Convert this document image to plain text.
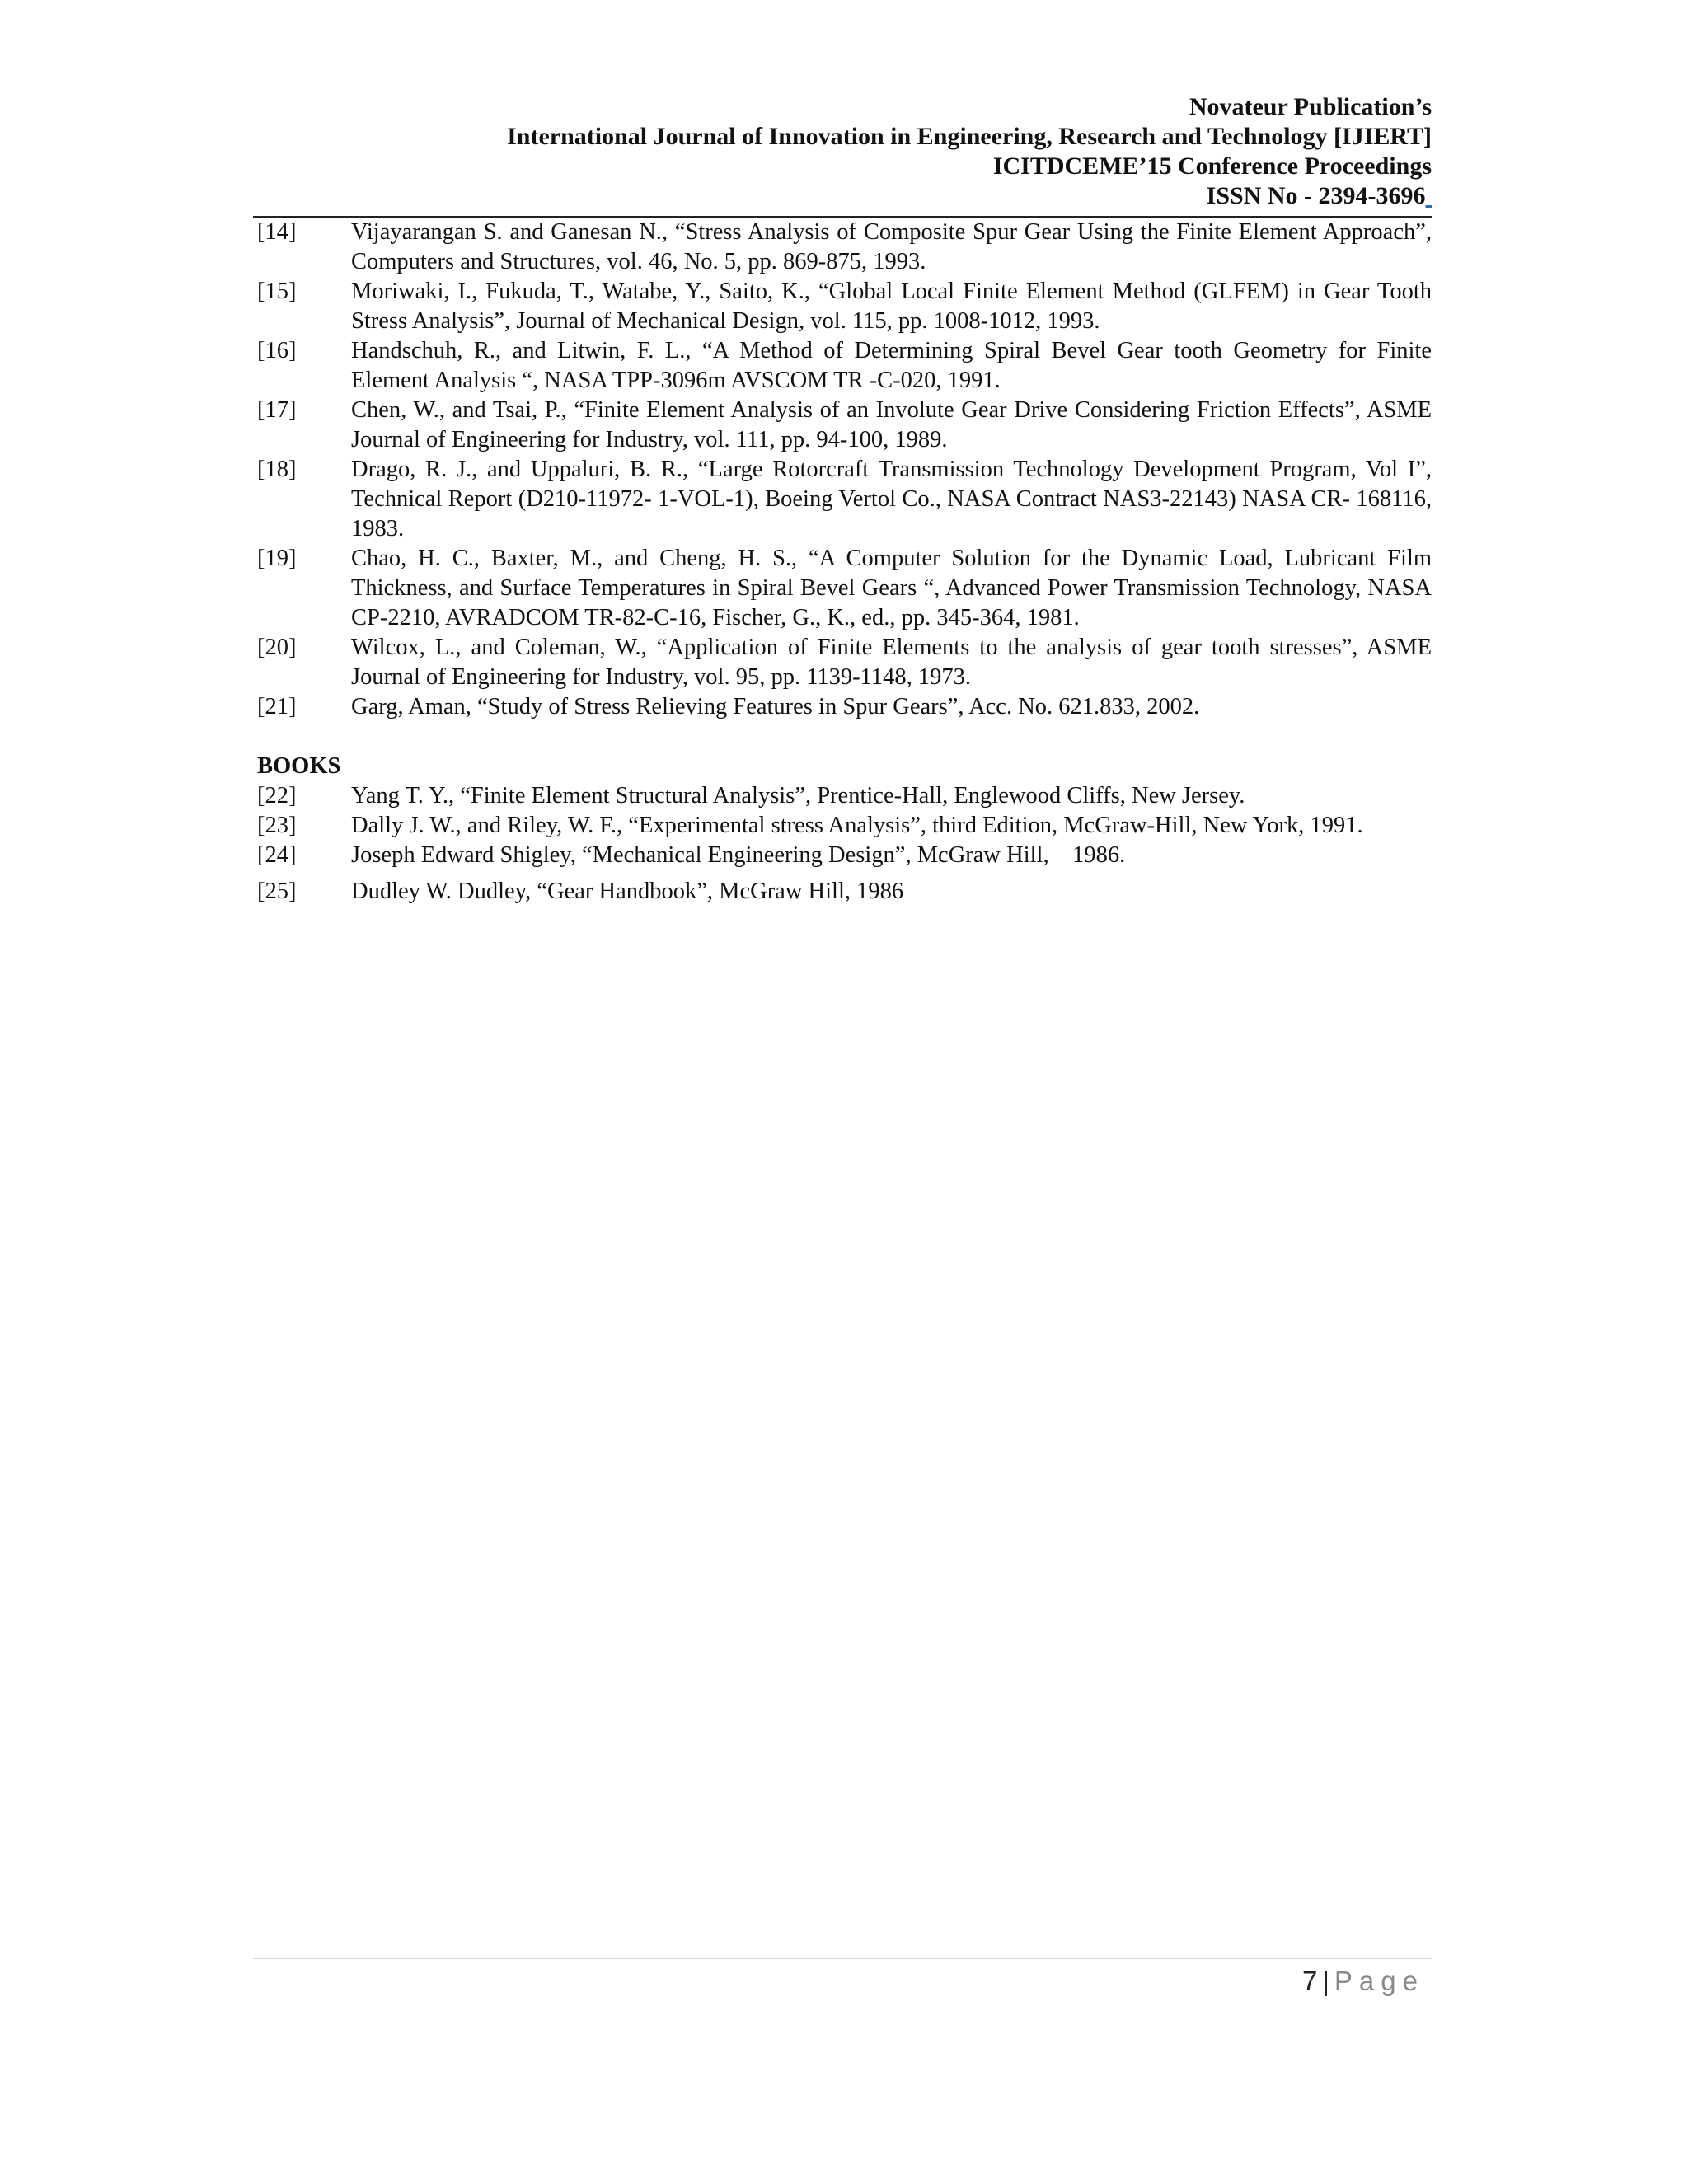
Novateur Publication’s
International Journal of Innovation in Engineering, Research and Technology [IJIERT]
ICITDCEME’15 Conference Proceedings
ISSN No - 2394-3696
[14]	Vijayarangan S. and Ganesan N., “Stress Analysis of Composite Spur Gear Using the Finite Element Approach”, Computers and Structures, vol. 46, No. 5, pp. 869-875, 1993.
[15]	Moriwaki, I., Fukuda, T., Watabe, Y., Saito, K., “Global Local Finite Element Method (GLFEM) in Gear Tooth Stress Analysis”, Journal of Mechanical Design, vol. 115, pp. 1008-1012, 1993.
[16]	Handschuh, R., and Litwin, F. L., “A Method of Determining Spiral Bevel Gear tooth Geometry for Finite Element Analysis “, NASA TPP-3096m AVSCOM TR -C-020, 1991.
[17]	Chen, W., and Tsai, P., “Finite Element Analysis of an Involute Gear Drive Considering Friction Effects”, ASME Journal of Engineering for Industry, vol. 111, pp. 94-100, 1989.
[18]	Drago, R. J., and Uppaluri, B. R., “Large Rotorcraft Transmission Technology Development Program, Vol I”, Technical Report (D210-11972- 1-VOL-1), Boeing Vertol Co., NASA Contract NAS3-22143) NASA CR- 168116, 1983.
[19]	Chao, H. C., Baxter, M., and Cheng, H. S., “A Computer Solution for the Dynamic Load, Lubricant Film Thickness, and Surface Temperatures in Spiral Bevel Gears “, Advanced Power Transmission Technology, NASA CP-2210, AVRADCOM TR-82-C-16, Fischer, G., K., ed., pp. 345-364, 1981.
[20]	Wilcox, L., and Coleman, W., “Application of Finite Elements to the analysis of gear tooth stresses”, ASME Journal of Engineering for Industry, vol. 95, pp. 1139-1148, 1973.
[21]	Garg, Aman, “Study of Stress Relieving Features in Spur Gears”, Acc. No. 621.833, 2002.
BOOKS
[22]	Yang T. Y., “Finite Element Structural Analysis”, Prentice-Hall, Englewood Cliffs, New Jersey.
[23]	Dally J. W., and Riley, W. F., “Experimental stress Analysis”, third Edition, McGraw-Hill, New York, 1991.
[24]	Joseph Edward Shigley, “Mechanical Engineering Design”, McGraw Hill,    1986.
[25]	Dudley W. Dudley, “Gear Handbook”, McGraw Hill, 1986
7 | Page
